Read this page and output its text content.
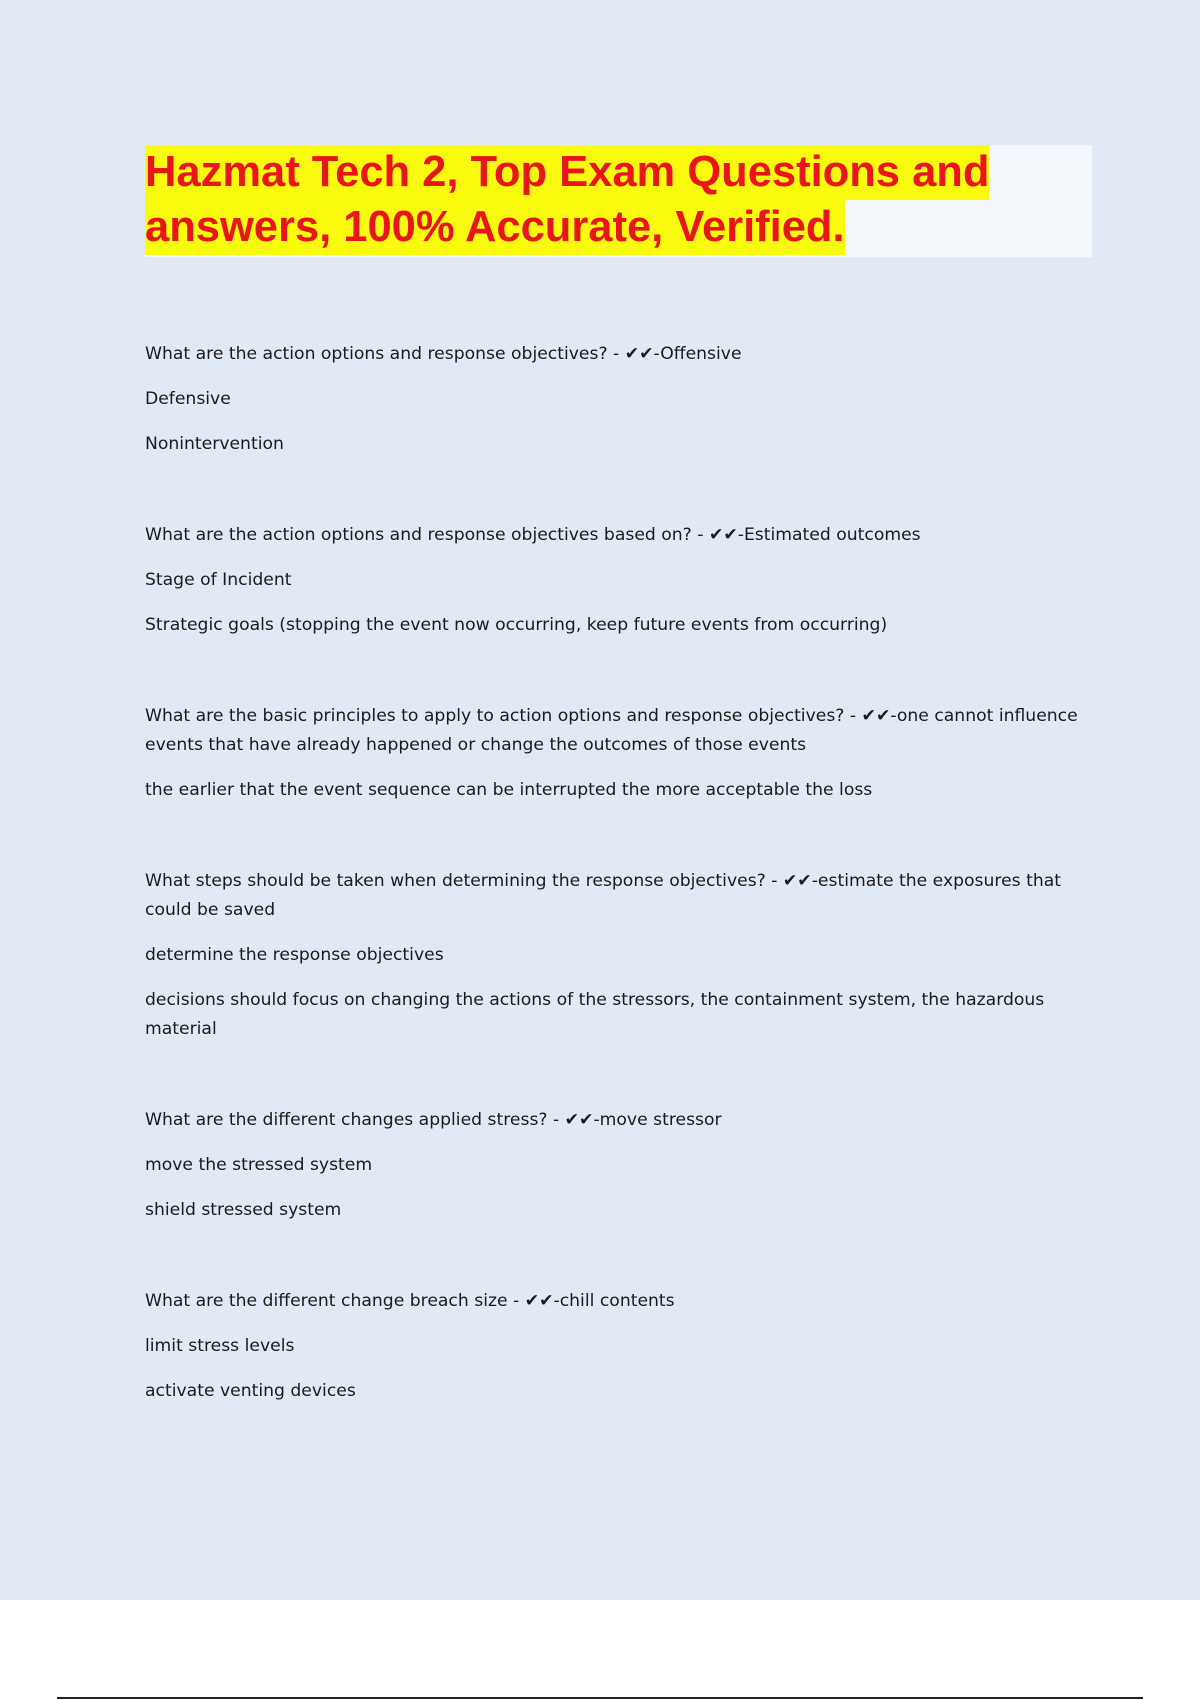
Hazmat Tech 2, Top Exam Questions and
answers, 100% Accurate, Verified.

What are the action options and response objectives? - ✔✔-Offensive

Defensive

Nonintervention

What are the action options and response objectives based on? - ✔✔-Estimated outcomes

Stage of Incident

Strategic goals (stopping the event now occurring, keep future events from occurring)

What are the basic principles to apply to action options and response objectives? - ✔✔-one cannot influence events that have already happened or change the outcomes of those events

the earlier that the event sequence can be interrupted the more acceptable the loss

What steps should be taken when determining the response objectives? - ✔✔-estimate the exposures that could be saved

determine the response objectives

decisions should focus on changing the actions of the stressors, the containment system, the hazardous material

What are the different changes applied stress? - ✔✔-move stressor

move the stressed system

shield stressed system

What are the different change breach size - ✔✔-chill contents

limit stress levels

activate venting devices
